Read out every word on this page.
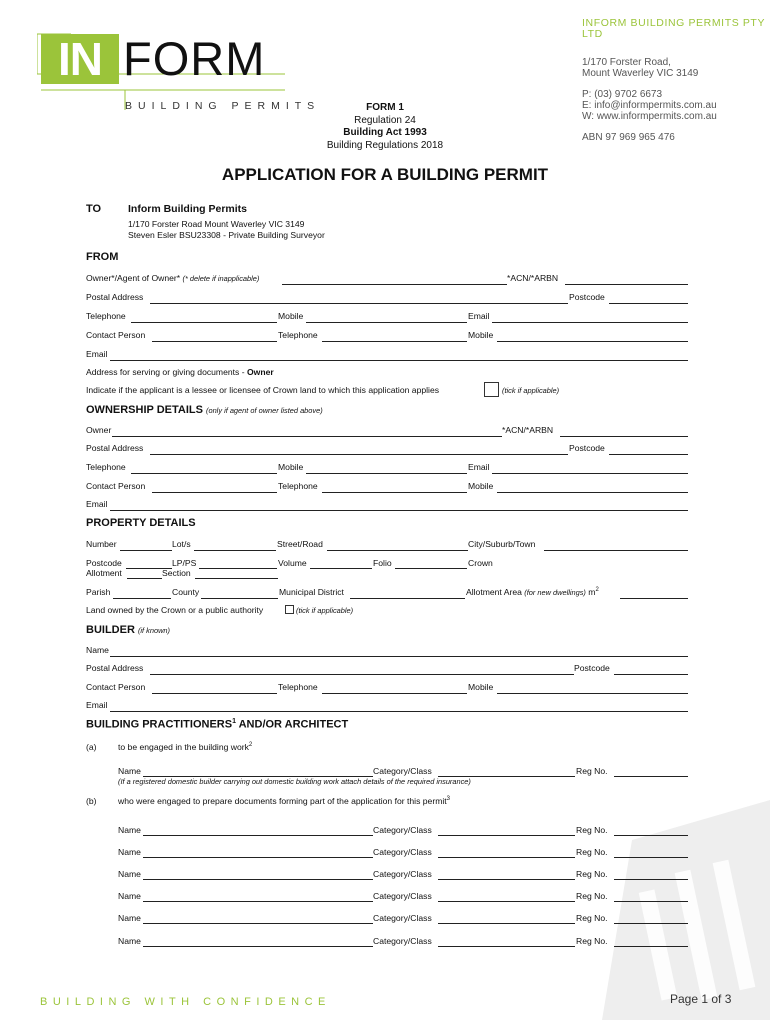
IN FORM
BUILDING PERMITS
INFORM BUILDING PERMITS PTY LTD
1/170 Forster Road,
Mount Waverley VIC 3149
P: (03) 9702 6673
E: info@informpermits.com.au
W: www.informpermits.com.au
ABN 97 969 965 476
FORM 1
Regulation 24
Building Act 1993
Building Regulations 2018
APPLICATION FOR A BUILDING PERMIT
TO	Inform Building Permits
1/170 Forster Road Mount Waverley VIC 3149
Steven Esler BSU23308 - Private Building Surveyor
FROM
Owner*/Agent of Owner* (* delete if inapplicable)	*ACN/*ARBN
Postal Address	Postcode
Telephone	Mobile	Email
Contact Person	Telephone	Mobile
Email
Address for serving or giving documents - Owner
Indicate if the applicant is a lessee or licensee of Crown land to which this application applies	(tick if applicable)
OWNERSHIP DETAILS (only if agent of owner listed above)
Owner	*ACN/*ARBN
Postal Address	Postcode
Telephone	Mobile	Email
Contact Person	Telephone	Mobile
Email
PROPERTY DETAILS
Number	Lot/s	Street/Road	City/Suburb/Town
Postcode	LP/PS	Volume	Folio	Crown
Allotment	Section
Parish	County	Municipal District	Allotment Area (for new dwellings) $m^2$
Land owned by the Crown or a public authority	(tick if applicable)
BUILDER (if known)
Name
Postal Address	Postcode
Contact Person	Telephone	Mobile
Email
BUILDING PRACTITIONERS$^1$ AND/OR ARCHITECT
(a) to be engaged in the building work$^2$
Name	Category/Class	Reg No.
(If a registered domestic builder carrying out domestic building work attach details of the required insurance)
(b) who were engaged to prepare documents forming part of the application for this permit$^3$
Name	Category/Class	Reg No.
Name	Category/Class	Reg No.
Name	Category/Class	Reg No.
Name	Category/Class	Reg No.
Name	Category/Class	Reg No.
Name	Category/Class	Reg No.
BUILDING WITH CONFIDENCE	Page 1 of 3
